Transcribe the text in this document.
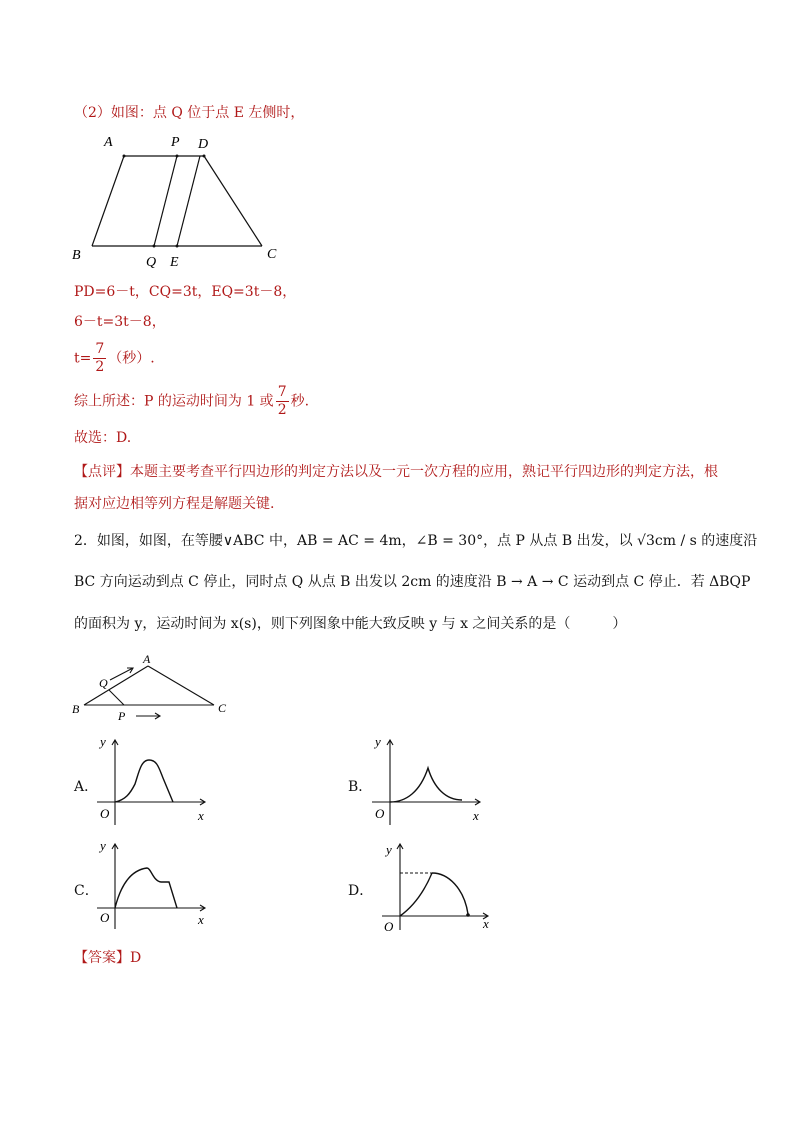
（2）如图：点 Q 位于点 E 左侧时，
A	P D
B	Q E
C
PD=6－t，CQ=3t，EQ=3t－8，
6－t=3t－8，
$t= \frac{7}{2}$ （秒）.
综上所述：P 的运动时间为 1 或 $\frac{7}{2}$ 秒.
故选：D.
【点评】本题主要考查平行四边形的判定方法以及一元一次方程的应用，熟记平行四边形的判定方法，根
据对应边相等列方程是解题关键.
2．如图，如图，在等腰∨ABC 中，AB = AC = 4m，∠B = 30°，点 P 从点 B 出发，以 √3cm / s 的速度沿
BC 方向运动到点 C 停止，同时点 Q 从点 B 出发以 2cm 的速度沿 B → A → C 运动到点 C 停止．若 ΔBQP
的面积为 y，运动时间为 x(s)，则下列图象中能大致反映 y 与 x 之间关系的是（　　　）
A
Q
B	P
C
A．
y
x
O
B．
y
x
O
C．
y
x
O
D．
y
x
O
【答案】D
